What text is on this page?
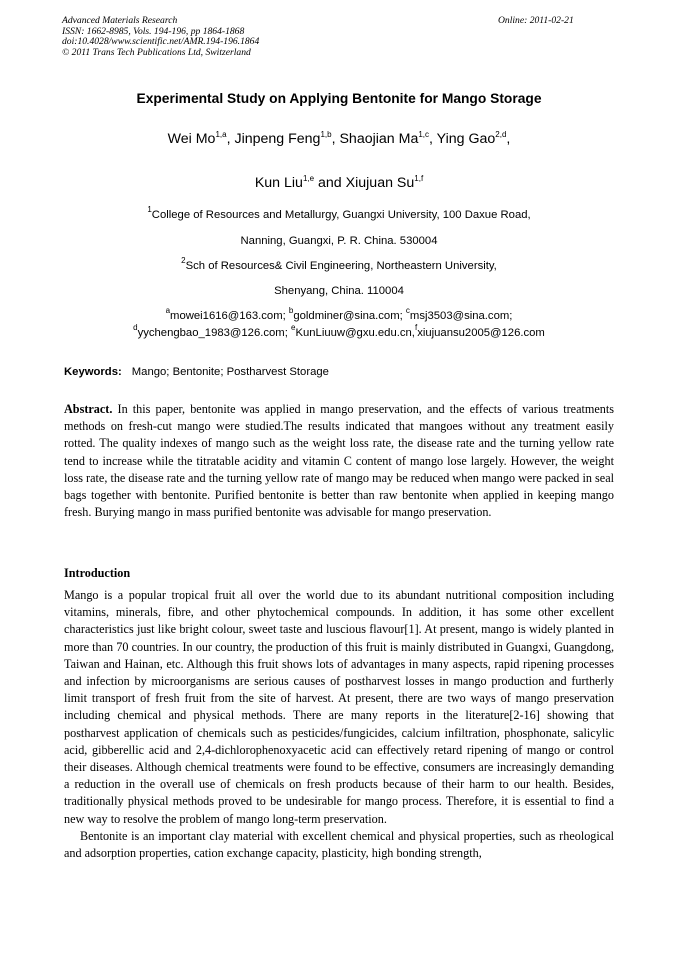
Advanced Materials Research
ISSN: 1662-8985, Vols. 194-196, pp 1864-1868
doi:10.4028/www.scientific.net/AMR.194-196.1864
© 2011 Trans Tech Publications Ltd, Switzerland
Online: 2011-02-21
Experimental Study on Applying Bentonite for Mango Storage
Wei Mo$^{1,a}$, Jinpeng Feng$^{1,b}$, Shaojian Ma$^{1,c}$, Ying Gao$^{2,d}$,
Kun Liu$^{1,e}$ and Xiujuan Su$^{1,f}$
$^1$College of Resources and Metallurgy, Guangxi University, 100 Daxue Road,
Nanning, Guangxi, P. R. China. 530004
$^2$Sch of Resources& Civil Engineering, Northeastern University,
Shenyang, China. 110004
$^a$mowei1616@163.com; $^b$goldminer@sina.com; $^c$msj3503@sina.com;
$^d$yychengbao_1983@126.com; $^e$KunLiuuw@gxu.edu.cn,$^f$xiujuansu2005@126.com
Keywords: Mango; Bentonite; Postharvest Storage

Abstract. In this paper, bentonite was applied in mango preservation, and the effects of various treatments methods on fresh-cut mango were studied.The results indicated that mangoes without any treatment easily rotted. The quality indexes of mango such as the weight loss rate, the disease rate and the turning yellow rate tend to increase while the titratable acidity and vitamin C content of mango lose largely. However, the weight loss rate, the disease rate and the turning yellow rate of mango may be reduced when mango were packed in seal bags together with bentonite. Purified bentonite is better than raw bentonite when applied in keeping mango fresh. Burying mango in mass purified bentonite was advisable for mango preservation.

Introduction

Mango is a popular tropical fruit all over the world due to its abundant nutritional composition including vitamins, minerals, fibre, and other phytochemical compounds. In addition, it has some other excellent characteristics just like bright colour, sweet taste and luscious flavour[1]. At present, mango is widely planted in more than 70 countries. In our country, the production of this fruit is mainly distributed in Guangxi, Guangdong, Taiwan and Hainan, etc. Although this fruit shows lots of advantages in many aspects, rapid ripening processes and infection by microorganisms are serious causes of postharvest losses in mango production and furtherly limit transport of fresh fruit from the site of harvest. At present, there are two ways of mango preservation including chemical and physical methods. There are many reports in the literature[2-16] showing that postharvest application of chemicals such as pesticides/fungicides, calcium infiltration, phosphonate, salicylic acid, gibberellic acid and 2,4-dichlorophenoxyacetic acid can effectively retard ripening of mango or control their diseases. Although chemical treatments were found to be effective, consumers are increasingly demanding a reduction in the overall use of chemicals on fresh products because of their harm to our health. Besides, traditionally physical methods proved to be undesirable for mango process. Therefore, it is essential to find a new way to resolve the problem of mango long-term preservation.

Bentonite is an important clay material with excellent chemical and physical properties, such as rheological and adsorption properties, cation exchange capacity, plasticity, high bonding strength,
